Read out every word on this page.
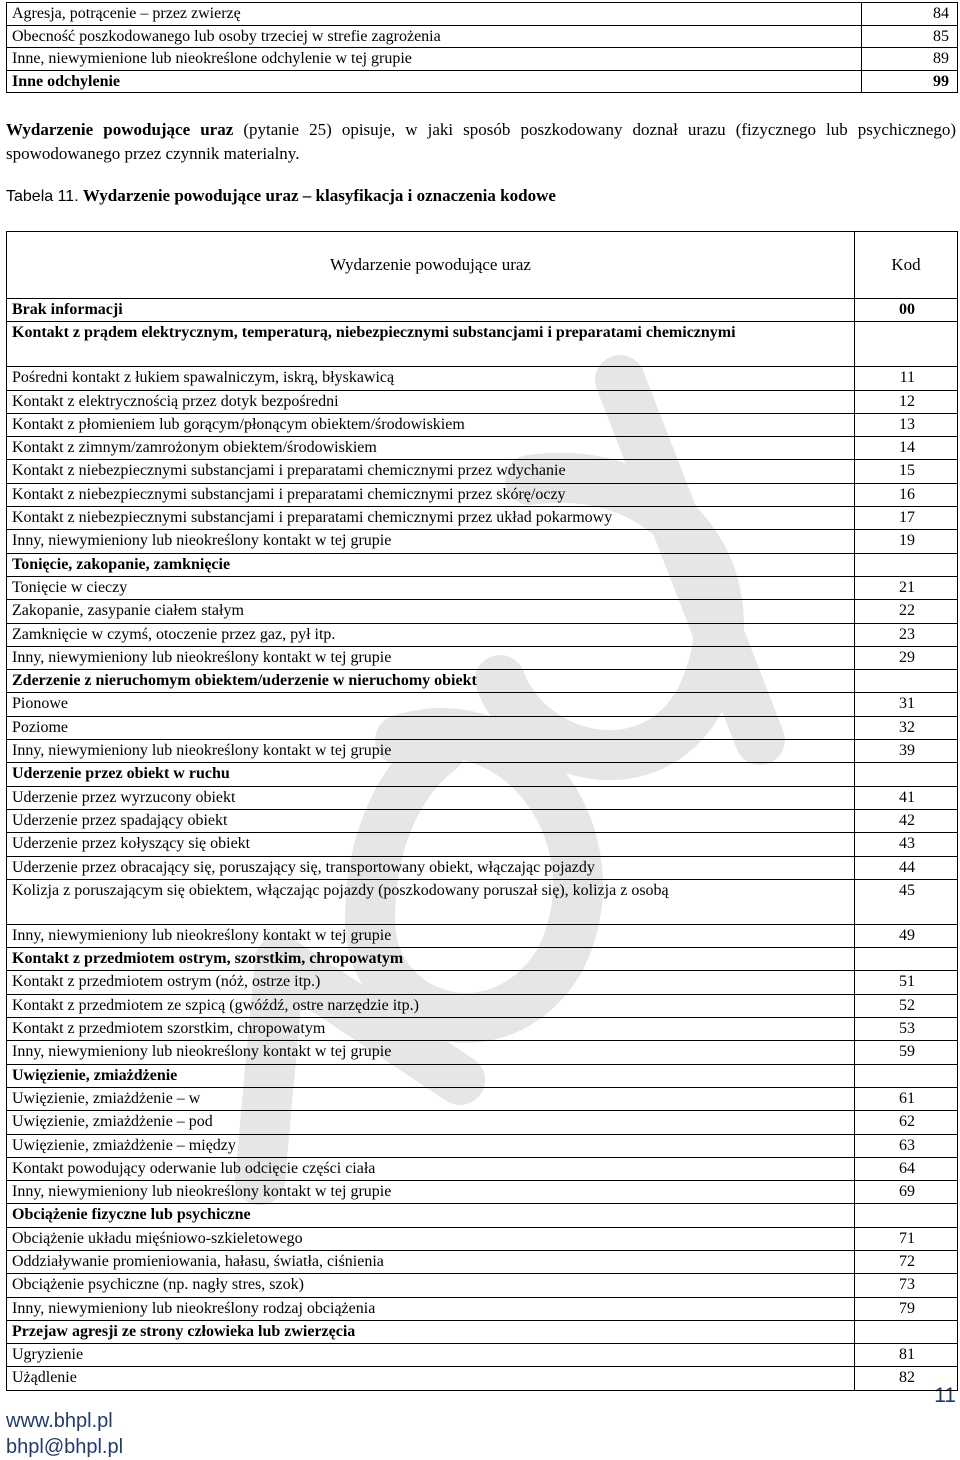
Agresja, potrącenie – przez zwierzę	84
Obecność poszkodowanego lub osoby trzeciej w strefie zagrożenia	85
Inne, niewymienione lub nieokreślone odchylenie w tej grupie	89
Inne odchylenie	99
Wydarzenie powodujące uraz (pytanie 25) opisuje, w jaki sposób poszkodowany doznał urazu (fizycznego lub psychicznego) spowodowanego przez czynnik materialny.
Tabela 11. Wydarzenie powodujące uraz – klasyfikacja i oznaczenia kodowe
Wydarzenie powodujące uraz	Kod
Brak informacji	00
Kontakt z prądem elektrycznym, temperaturą, niebezpiecznymi substancjami i preparatami chemicznymi	
Pośredni kontakt z łukiem spawalniczym, iskrą, błyskawicą	11
Kontakt z elektrycznością przez dotyk bezpośredni	12
Kontakt z płomieniem lub gorącym/płonącym obiektem/środowiskiem	13
Kontakt z zimnym/zamrożonym obiektem/środowiskiem	14
Kontakt z niebezpiecznymi substancjami i preparatami chemicznymi przez wdychanie	15
Kontakt z niebezpiecznymi substancjami i preparatami chemicznymi przez skórę/oczy	16
Kontakt z niebezpiecznymi substancjami i preparatami chemicznymi przez układ pokarmowy	17
Inny, niewymieniony lub nieokreślony kontakt w tej grupie	19
Tonięcie, zakopanie, zamknięcie	
Tonięcie w cieczy	21
Zakopanie, zasypanie ciałem stałym	22
Zamknięcie w czymś, otoczenie przez gaz, pył itp.	23
Inny, niewymieniony lub nieokreślony kontakt w tej grupie	29
Zderzenie z nieruchomym obiektem/uderzenie w nieruchomy obiekt	
Pionowe	31
Poziome	32
Inny, niewymieniony lub nieokreślony kontakt w tej grupie	39
Uderzenie przez obiekt w ruchu	
Uderzenie przez wyrzucony obiekt	41
Uderzenie przez spadający obiekt	42
Uderzenie przez kołyszący się obiekt	43
Uderzenie przez obracający się, poruszający się, transportowany obiekt, włączając pojazdy	44
Kolizja z poruszającym się obiektem, włączając pojazdy (poszkodowany poruszał się), kolizja z osobą	45
Inny, niewymieniony lub nieokreślony kontakt w tej grupie	49
Kontakt z przedmiotem ostrym, szorstkim, chropowatym	
Kontakt z przedmiotem ostrym (nóż, ostrze itp.)	51
Kontakt z przedmiotem ze szpicą (gwóźdź, ostre narzędzie itp.)	52
Kontakt z przedmiotem szorstkim, chropowatym	53
Inny, niewymieniony lub nieokreślony kontakt w tej grupie	59
Uwięzienie, zmiażdżenie	
Uwięzienie, zmiażdżenie – w	61
Uwięzienie, zmiażdżenie – pod	62
Uwięzienie, zmiażdżenie – między	63
Kontakt powodujący oderwanie lub odcięcie części ciała	64
Inny, niewymieniony lub nieokreślony kontakt w tej grupie	69
Obciążenie fizyczne lub psychiczne	
Obciążenie układu mięśniowo-szkieletowego	71
Oddziaływanie promieniowania, hałasu, światła, ciśnienia	72
Obciążenie psychiczne (np. nagły stres, szok)	73
Inny, niewymieniony lub nieokreślony rodzaj obciążenia	79
Przejaw agresji ze strony człowieka lub zwierzęcia	
Ugryzienie	81
Użądlenie	82
www.bhpl.pl
bhpl@bhpl.pl
11
